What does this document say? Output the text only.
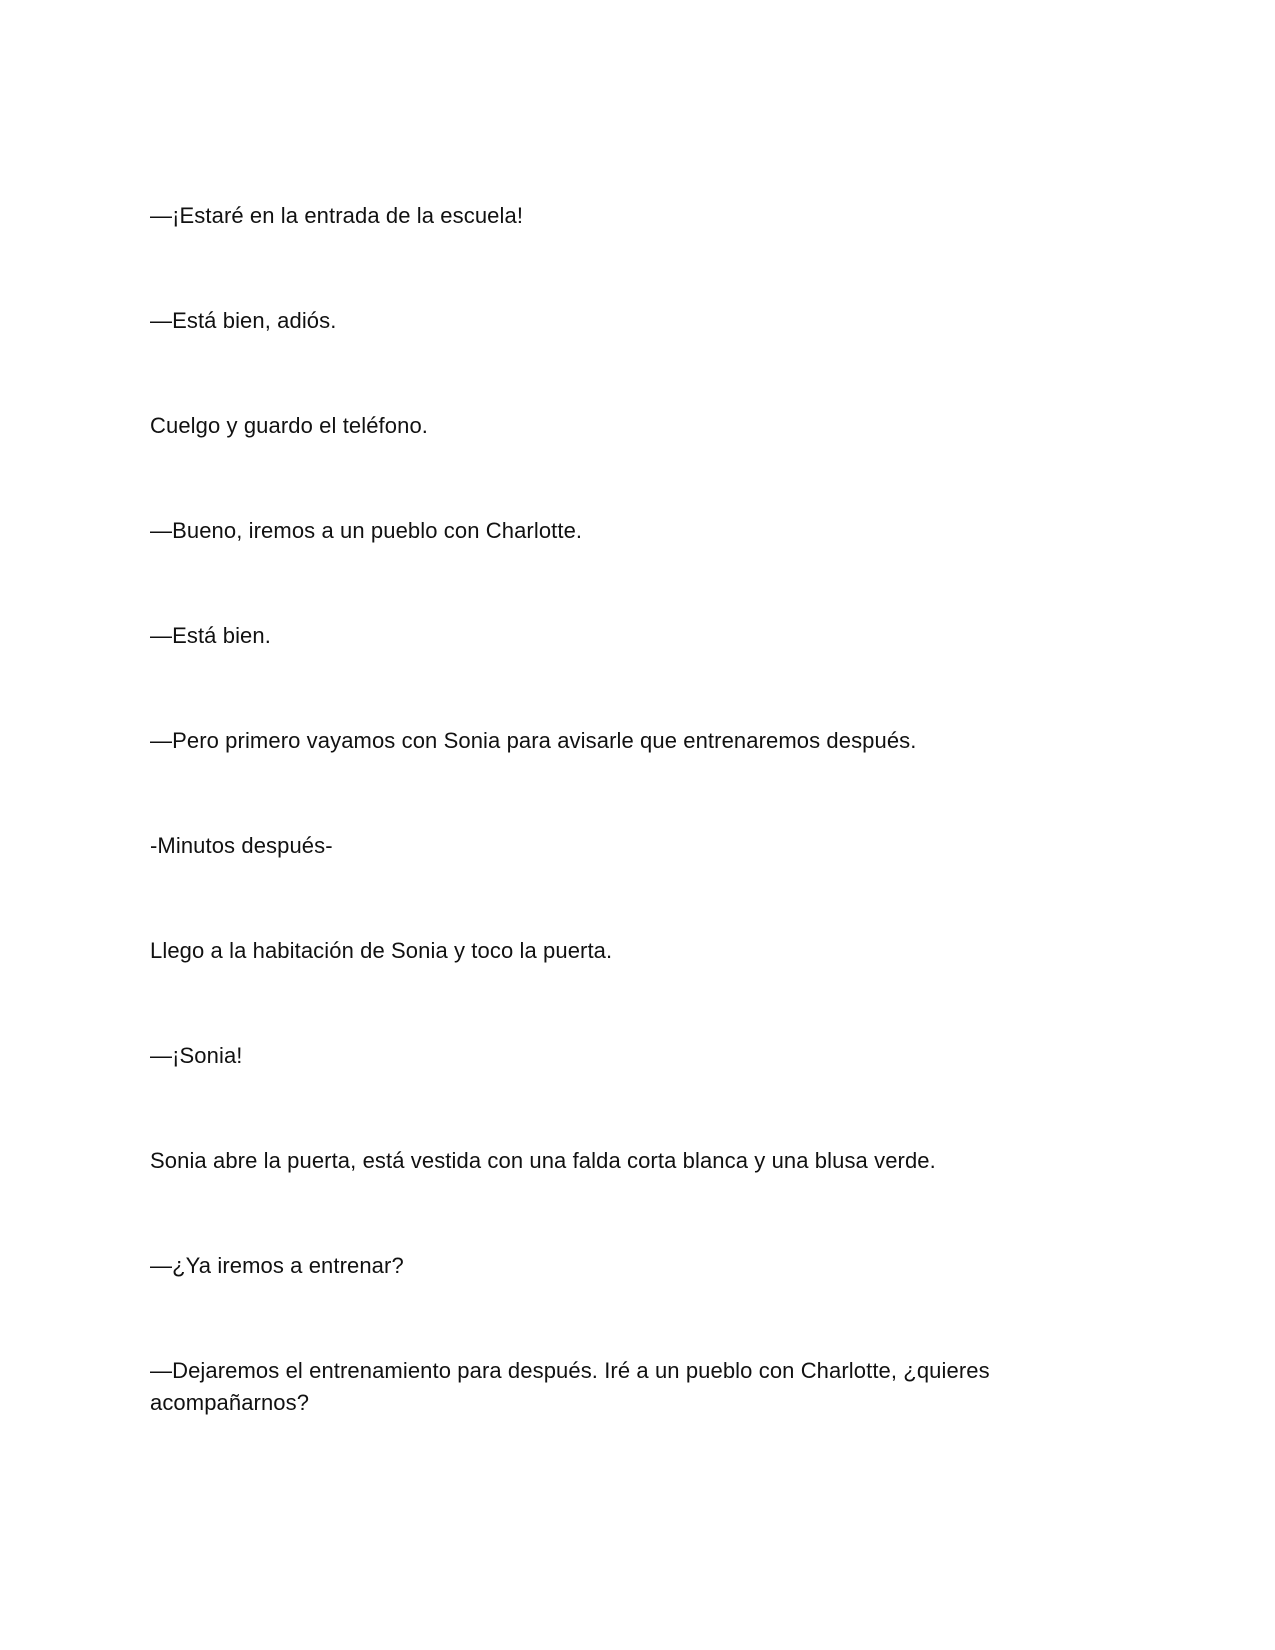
—¡Estaré en la entrada de la escuela!

—Está bien, adiós.

Cuelgo y guardo el teléfono.

—Bueno, iremos a un pueblo con Charlotte.

—Está bien.

—Pero primero vayamos con Sonia para avisarle que entrenaremos después.

-Minutos después-

Llego a la habitación de Sonia y toco la puerta.

—¡Sonia!

Sonia abre la puerta, está vestida con una falda corta blanca y una blusa verde.

—¿Ya iremos a entrenar?

—Dejaremos el entrenamiento para después. Iré a un pueblo con Charlotte, ¿quieres acompañarnos?
